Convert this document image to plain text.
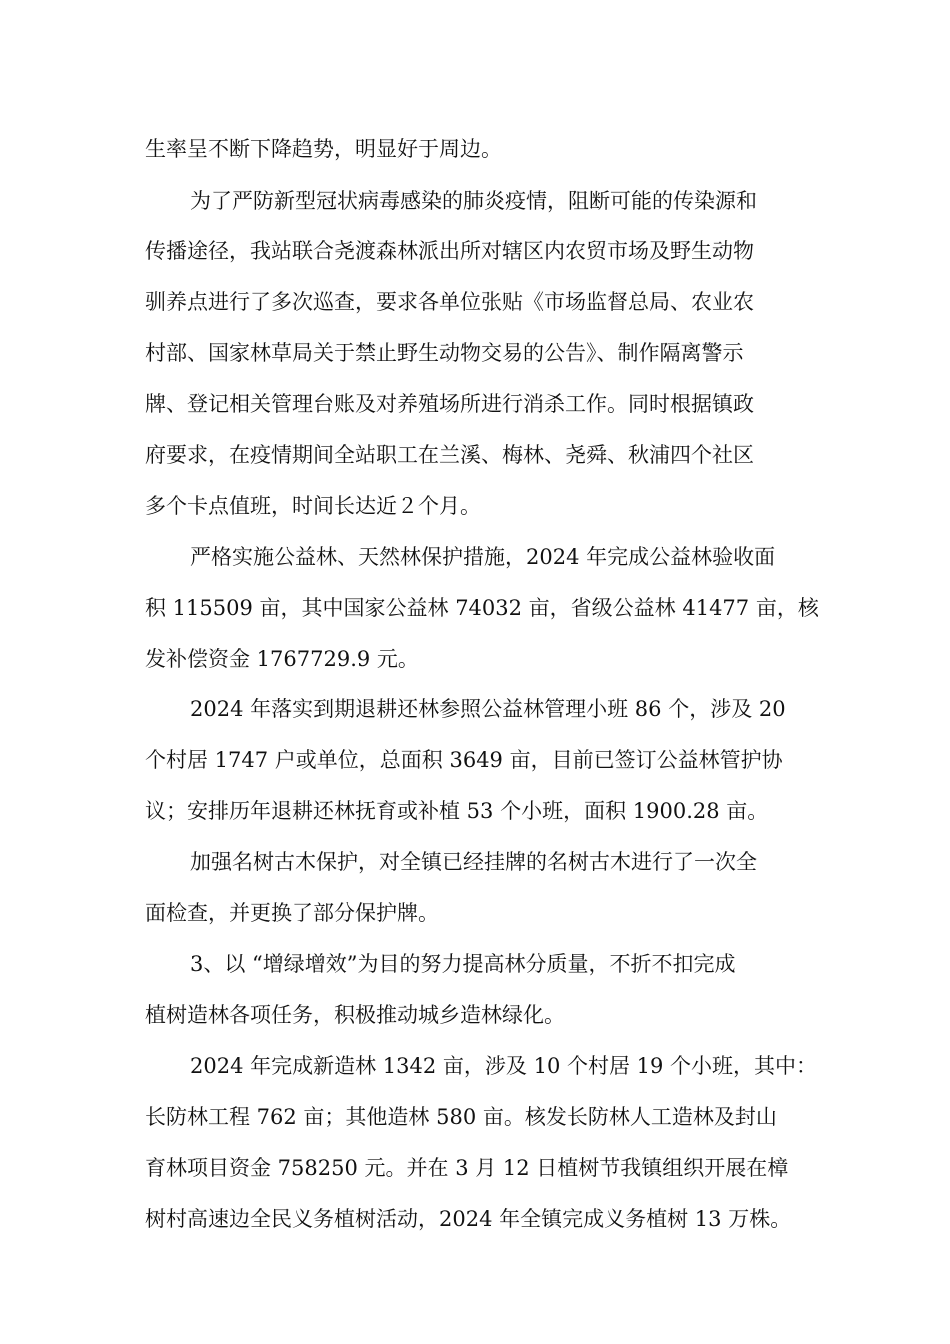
生率呈不断下降趋势，明显好于周边。
为了严防新型冠状病毒感染的肺炎疫情，阻断可能的传染源和
传播途径，我站联合尧渡森林派出所对辖区内农贸市场及野生动物
驯养点进行了多次巡查，要求各单位张贴《市场监督总局、农业农
村部、国家林草局关于禁止野生动物交易的公告》、制作隔离警示
牌、登记相关管理台账及对养殖场所进行消杀工作。同时根据镇政
府要求，在疫情期间全站职工在兰溪、梅林、尧舜、秋浦四个社区
多个卡点值班，时间长达近２个月。
严格实施公益林、天然林保护措施，2024 年完成公益林验收面
积 115509 亩，其中国家公益林 74032 亩，省级公益林 41477 亩，核
发补偿资金 1767729.9 元。
2024 年落实到期退耕还林参照公益林管理小班 86 个，涉及 20
个村居 1747 户或单位，总面积 3649 亩，目前已签订公益林管护协
议；安排历年退耕还林抚育或补植 53 个小班，面积 1900.28 亩。
加强名树古木保护，对全镇已经挂牌的名树古木进行了一次全
面检查，并更换了部分保护牌。
3、以 “增绿增效”为目的努力提高林分质量，不折不扣完成
植树造林各项任务，积极推动城乡造林绿化。
2024 年完成新造林 1342 亩，涉及 10 个村居 19 个小班，其中：
长防林工程 762 亩；其他造林 580 亩。核发长防林人工造林及封山
育林项目资金 758250 元。并在 3 月 12 日植树节我镇组织开展在樟
树村高速边全民义务植树活动，2024 年全镇完成义务植树 13 万株。
